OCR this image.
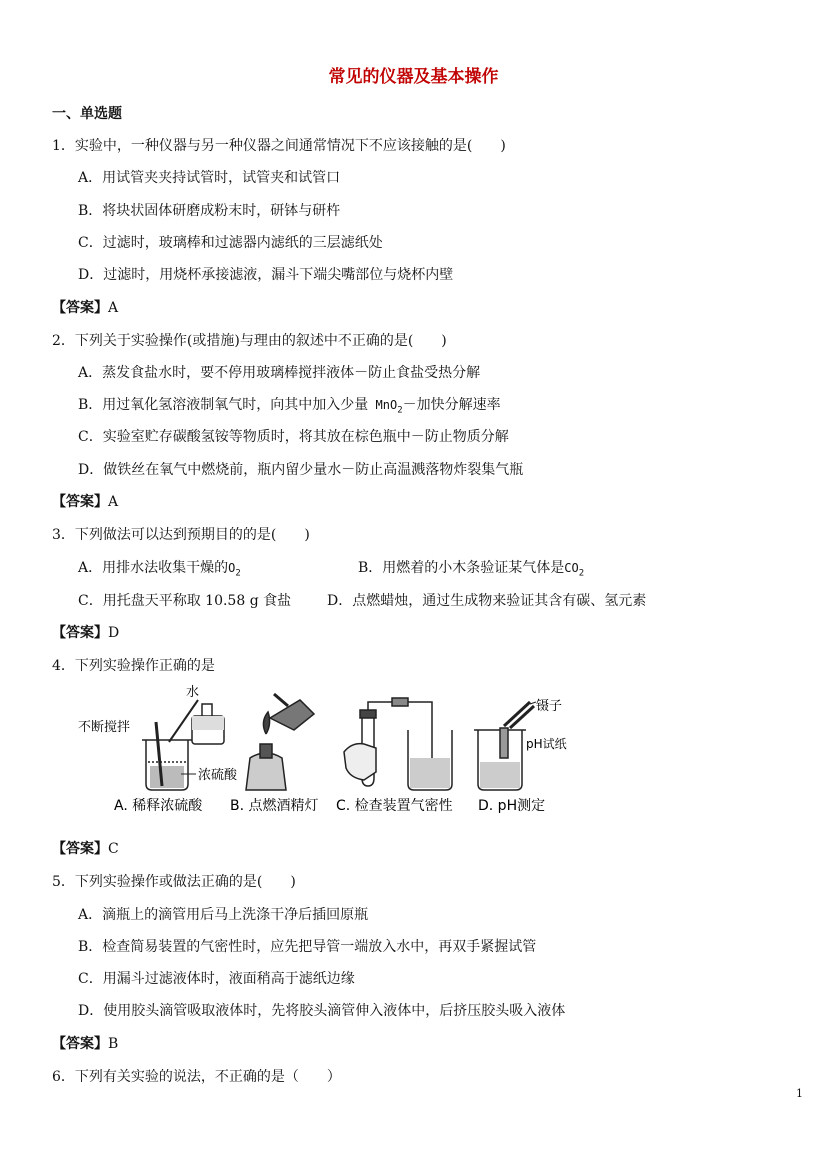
常见的仪器及基本操作
一、单选题
1．实验中，一种仪器与另一种仪器之间通常情况下不应该接触的是(　　)
A．用试管夹夹持试管时，试管夹和试管口
B．将块状固体研磨成粉末时，研钵与研杵
C．过滤时，玻璃棒和过滤器内滤纸的三层滤纸处
D．过滤时，用烧杯承接滤液，漏斗下端尖嘴部位与烧杯内壁
【答案】A
2．下列关于实验操作(或措施)与理由的叙述中不正确的是(　　)
A．蒸发食盐水时，要不停用玻璃棒搅拌液体－防止食盐受热分解
B．用过氧化氢溶液制氧气时，向其中加入少量 MnO$_2$－加快分解速率
C．实验室贮存碳酸氢铵等物质时，将其放在棕色瓶中－防止物质分解
D．做铁丝在氧气中燃烧前，瓶内留少量水－防止高温溅落物炸裂集气瓶
【答案】A
3．下列做法可以达到预期目的的是(　　)
A．用排水法收集干燥的$O_2$	B．用燃着的小木条验证某气体是$CO_2$
C．用托盘天平称取 10.58 g 食盐	D．点燃蜡烛，通过生成物来验证其含有碳、氢元素
【答案】D
4．下列实验操作正确的是
不断搅拌
水
浓硫酸
镊子
pH试纸
A. 稀释浓硫酸 B. 点燃酒精灯 C. 检查装置气密性 D. pH测定
【答案】C
5．下列实验操作或做法正确的是(　　)
A．滴瓶上的滴管用后马上洗涤干净后插回原瓶
B．检查简易装置的气密性时，应先把导管一端放入水中，再双手紧握试管
C．用漏斗过滤液体时，液面稍高于滤纸边缘
D．使用胶头滴管吸取液体时，先将胶头滴管伸入液体中，后挤压胶头吸入液体
【答案】B
6．下列有关实验的说法，不正确的是（　　）
1
